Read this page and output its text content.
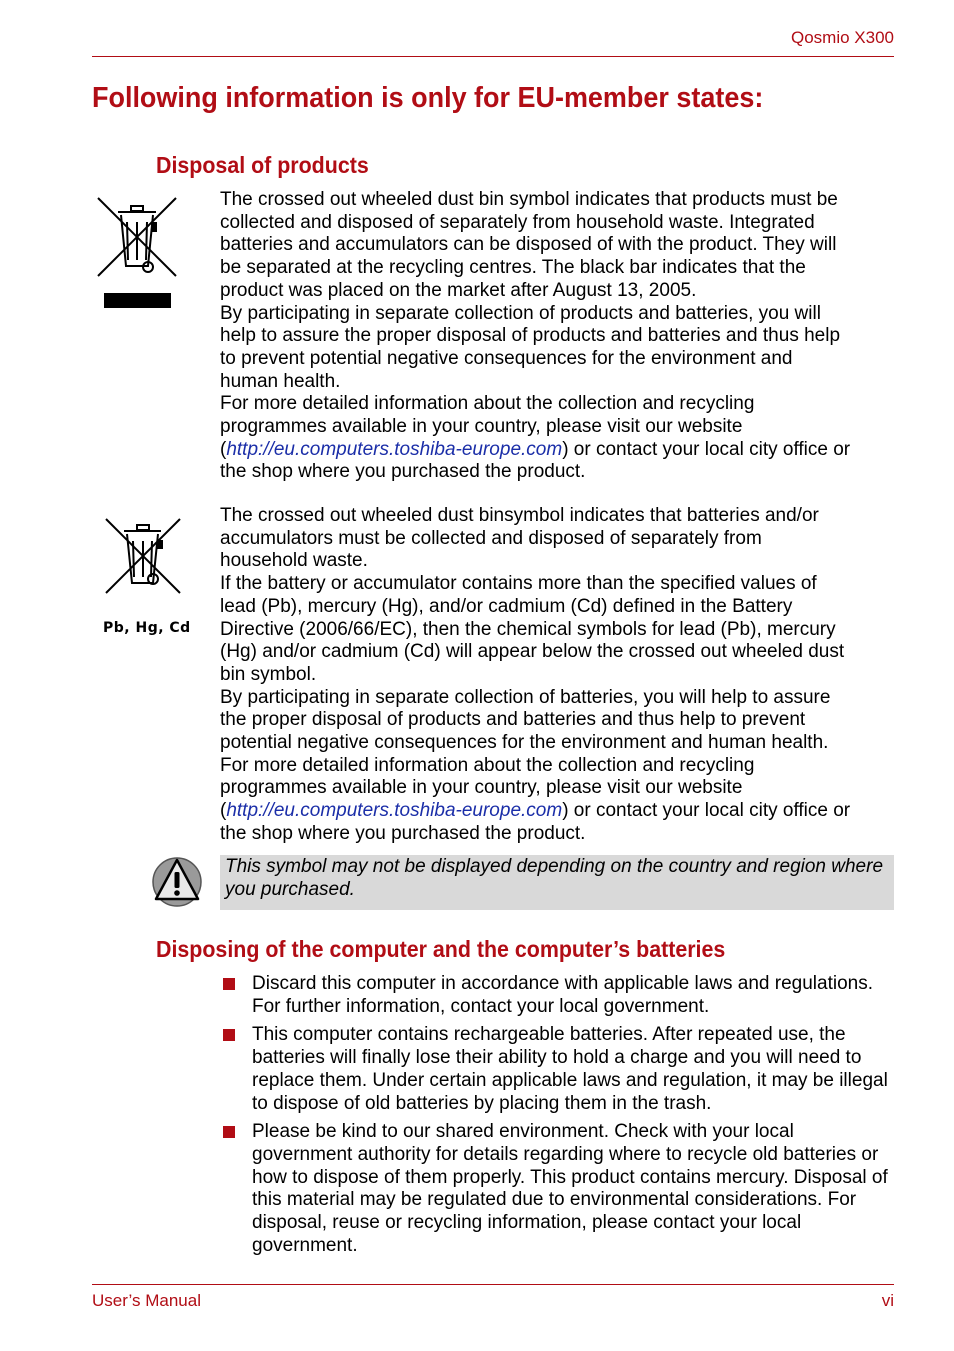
Qosmio X300
Following information is only for EU-member states:
Disposal of products

The crossed out wheeled dust bin symbol indicates that products must be

collected and disposed of separately from household waste. Integrated

batteries and accumulators can be disposed of with the product. They will

be separated at the recycling centres. The black bar indicates that the

product was placed on the market after August 13, 2005.

By participating in separate collection of products and batteries, you will

help to assure the proper disposal of products and batteries and thus help

to prevent potential negative consequences for the environment and

human health.

For more detailed information about the collection and recycling

programmes available in your country, please visit our website

(http://eu.computers.toshiba-europe.com) or contact your local city office or

the shop where you purchased the product.

Pb, Hg, Cd

The crossed out wheeled dust binsymbol indicates that batteries and/or

accumulators must be collected and disposed of separately from

household waste.

If the battery or accumulator contains more than the specified values of

lead (Pb), mercury (Hg), and/or cadmium (Cd) defined in the Battery

Directive (2006/66/EC), then the chemical symbols for lead (Pb), mercury

(Hg) and/or cadmium (Cd) will appear below the crossed out wheeled dust

bin symbol.

By participating in separate collection of batteries, you will help to assure

the proper disposal of products and batteries and thus help to prevent

potential negative consequences for the environment and human health.

For more detailed information about the collection and recycling

programmes available in your country, please visit our website

(http://eu.computers.toshiba-europe.com) or contact your local city office or

the shop where you purchased the product.

This symbol may not be displayed depending on the country and region where you purchased.
Disposing of the computer and the computer’s batteries
Discard this computer in accordance with applicable laws and regulations. For further information, contact your local government.
This computer contains rechargeable batteries. After repeated use, the batteries will finally lose their ability to hold a charge and you will need to replace them. Under certain applicable laws and regulation, it may be illegal to dispose of old batteries by placing them in the trash.
Please be kind to our shared environment. Check with your local government authority for details regarding where to recycle old batteries or how to dispose of them properly. This product contains mercury. Disposal of this material may be regulated due to environmental considerations. For disposal, reuse or recycling information, please contact your local government.
User’s Manual	vi
